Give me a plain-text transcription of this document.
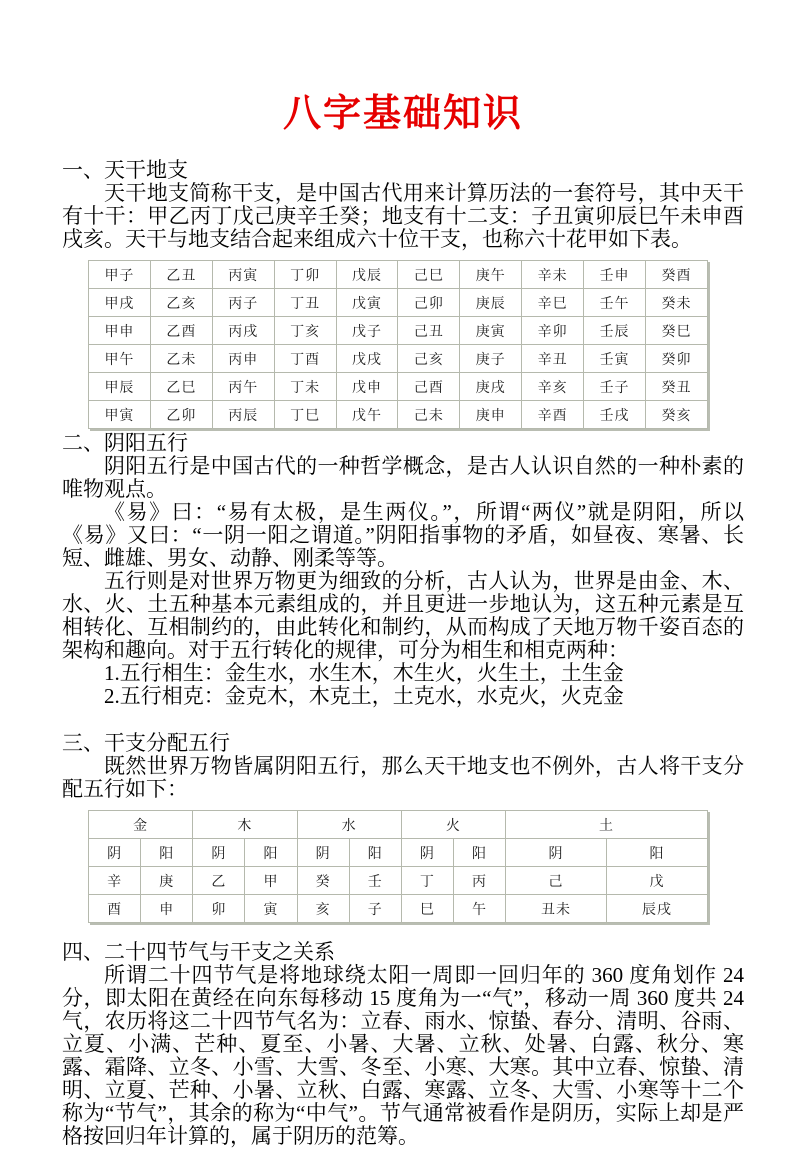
八字基础知识
一、天干地支

天干地支简称干支，是中国古代用来计算历法的一套符号，其中天干有十干：甲乙丙丁戊己庚辛壬癸；地支有十二支：子丑寅卯辰巳午未申酉戌亥。天干与地支结合起来组成六十位干支，也称六十花甲如下表。

甲子	乙丑	丙寅	丁卯	戊辰	己巳	庚午	辛未	壬申	癸酉
甲戌	乙亥	丙子	丁丑	戊寅	己卯	庚辰	辛巳	壬午	癸未
甲申	乙酉	丙戌	丁亥	戊子	己丑	庚寅	辛卯	壬辰	癸巳
甲午	乙未	丙申	丁酉	戊戌	己亥	庚子	辛丑	壬寅	癸卯
甲辰	乙巳	丙午	丁未	戊申	己酉	庚戌	辛亥	壬子	癸丑
甲寅	乙卯	丙辰	丁巳	戊午	己未	庚申	辛酉	壬戌	癸亥
二、阴阳五行

阴阳五行是中国古代的一种哲学概念，是古人认识自然的一种朴素的唯物观点。

《易》曰：“易有太极，是生两仪。”，所谓“两仪”就是阴阳，所以《易》又曰：“一阴一阳之谓道。”阴阳指事物的矛盾，如昼夜、寒暑、长短、雌雄、男女、动静、刚柔等等。

五行则是对世界万物更为细致的分析，古人认为，世界是由金、木、水、火、土五种基本元素组成的，并且更进一步地认为，这五种元素是互相转化、互相制约的，由此转化和制约，从而构成了天地万物千姿百态的架构和趣向。对于五行转化的规律，可分为相生和相克两种：

1.五行相生：金生水，水生木，木生火，火生土，土生金

2.五行相克：金克木，木克土，土克水，水克火，火克金

三、干支分配五行

既然世界万物皆属阴阳五行，那么天干地支也不例外，古人将干支分配五行如下：

金		木		水		火		土	
阴	阳	阴	阳	阴	阳	阴	阳	阴	阳
辛	庚	乙	甲	癸	壬	丁	丙	己	戊
酉	申	卯	寅	亥	子	巳	午	丑未	辰戌
四、二十四节气与干支之关系

所谓二十四节气是将地球绕太阳一周即一回归年的 360 度角划作 24 分，即太阳在黄经在向东每移动 15 度角为一“气”，移动一周 360 度共 24 气，农历将这二十四节气名为：立春、雨水、惊蛰、春分、清明、谷雨、立夏、小满、芒种、夏至、小暑、大暑、立秋、处暑、白露、秋分、寒露、霜降、立冬、小雪、大雪、冬至、小寒、大寒。其中立春、惊蛰、清明、立夏、芒种、小暑、立秋、白露、寒露、立冬、大雪、小寒等十二个称为“节气”，其余的称为“中气”。节气通常被看作是阴历，实际上却是严格按回归年计算的，属于阴历的范筹。
